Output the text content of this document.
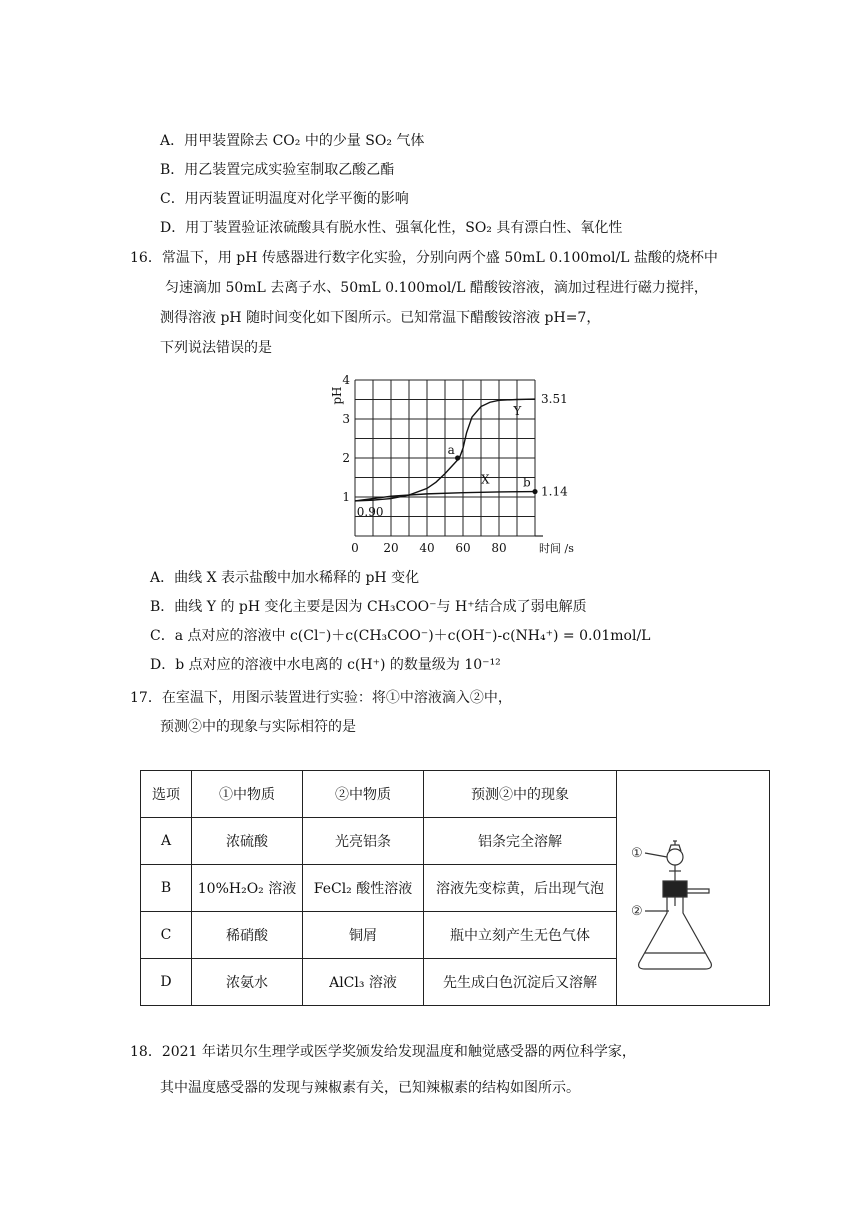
A．用甲装置除去 CO₂ 中的少量 SO₂ 气体
B．用乙装置完成实验室制取乙酸乙酯
C．用丙装置证明温度对化学平衡的影响
D．用丁装置验证浓硫酸具有脱水性、强氧化性，SO₂ 具有漂白性、氧化性
16．常温下，用 pH 传感器进行数字化实验，分别向两个盛 50mL 0.100mol/L 盐酸的烧杯中
匀速滴加 50mL 去离子水、50mL 0.100mol/L 醋酸铵溶液，滴加过程进行磁力搅拌，
测得溶液 pH 随时间变化如下图所示。已知常温下醋酸铵溶液 pH=7，
下列说法错误的是
0 20 40 60 80
1
2
3
4
时间 /s
pH
Y
X
a
b
3.51
1.14
0.90
A．曲线 X 表示盐酸中加水稀释的 pH 变化
B．曲线 Y 的 pH 变化主要是因为 CH₃COO⁻与 H⁺结合成了弱电解质
C．a 点对应的溶液中 c(Cl⁻)＋c(CH₃COO⁻)＋c(OH⁻)-c(NH₄⁺) = 0.01mol/L
D．b 点对应的溶液中水电离的 c(H⁺) 的数量级为 10⁻¹²
17．在室温下，用图示装置进行实验：将①中溶液滴入②中，
预测②中的现象与实际相符的是
选项	①中物质	②中物质	预测②中的现象	①
②

A	浓硫酸	光亮铝条	铝条完全溶解	
B	10%H₂O₂ 溶液	FeCl₂ 酸性溶液	溶液先变棕黄，后出现气泡	
C	稀硝酸	铜屑	瓶中立刻产生无色气体	
D	浓氨水	AlCl₃ 溶液	先生成白色沉淀后又溶解	
18．2021 年诺贝尔生理学或医学奖颁发给发现温度和触觉感受器的两位科学家，
其中温度感受器的发现与辣椒素有关，已知辣椒素的结构如图所示。
